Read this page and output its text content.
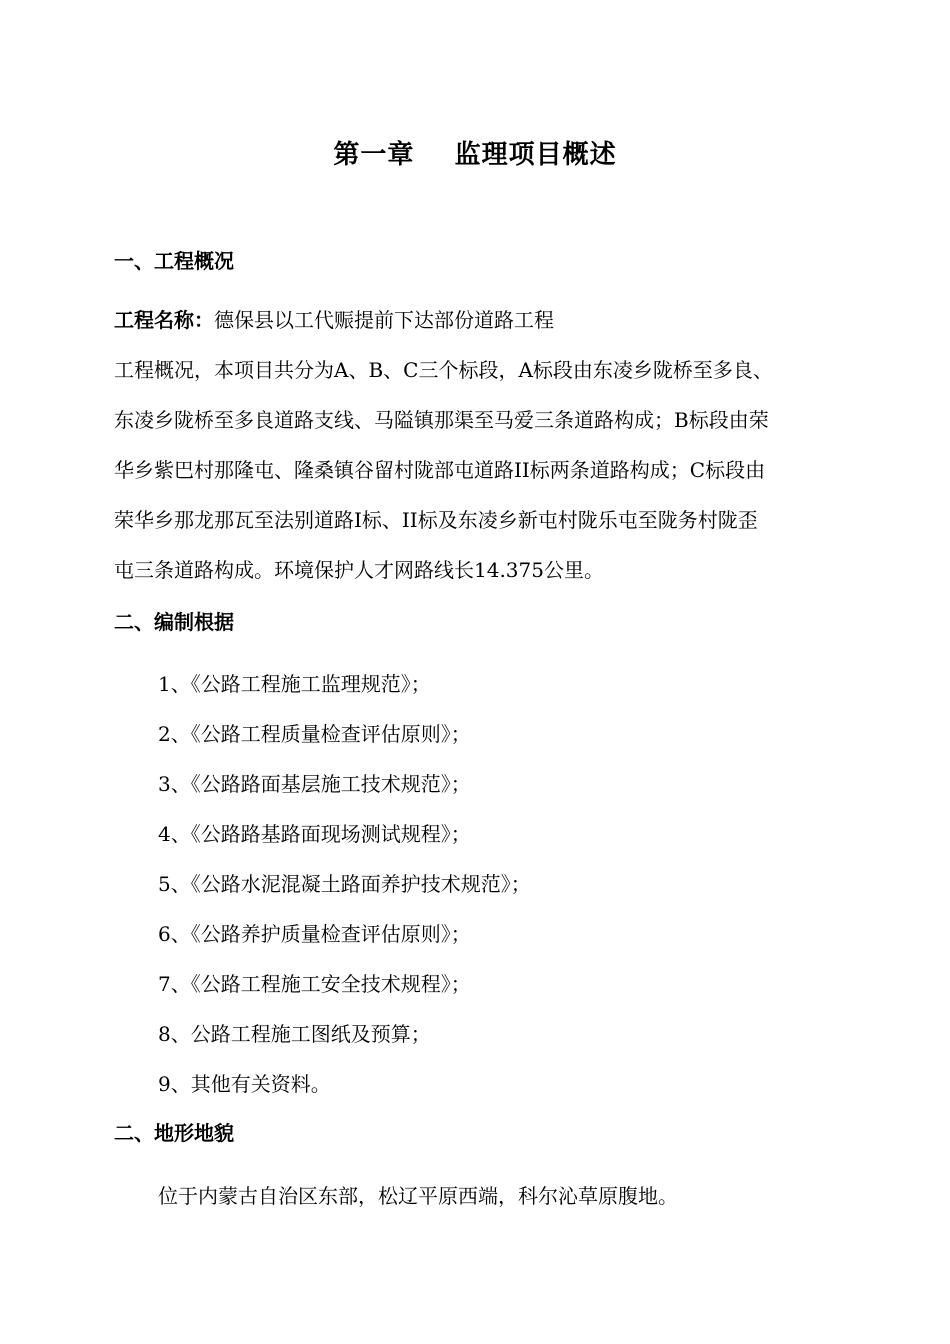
第一章    监理项目概述
一、工程概况
工程名称：德保县以工代赈提前下达部份道路工程
工程概况，本项目共分为A、B、C三个标段，A标段由东凌乡陇桥至多良、
东凌乡陇桥至多良道路支线、马隘镇那渠至马爱三条道路构成；B标段由荣
华乡紫巴村那隆屯、隆桑镇谷留村陇部屯道路II标两条道路构成；C标段由
荣华乡那龙那瓦至法别道路I标、II标及东凌乡新屯村陇乐屯至陇务村陇歪
屯三条道路构成。环境保护人才网路线长14.375公里。
二、编制根据
1、《公路工程施工监理规范》；
2、《公路工程质量检查评估原则》；
3、《公路路面基层施工技术规范》；
4、《公路路基路面现场测试规程》；
5、《公路水泥混凝土路面养护技术规范》；
6、《公路养护质量检查评估原则》；
7、《公路工程施工安全技术规程》；
8、公路工程施工图纸及预算；
9、其他有关资料。
二、地形地貌
位于内蒙古自治区东部，松辽平原西端，科尔沁草原腹地。
